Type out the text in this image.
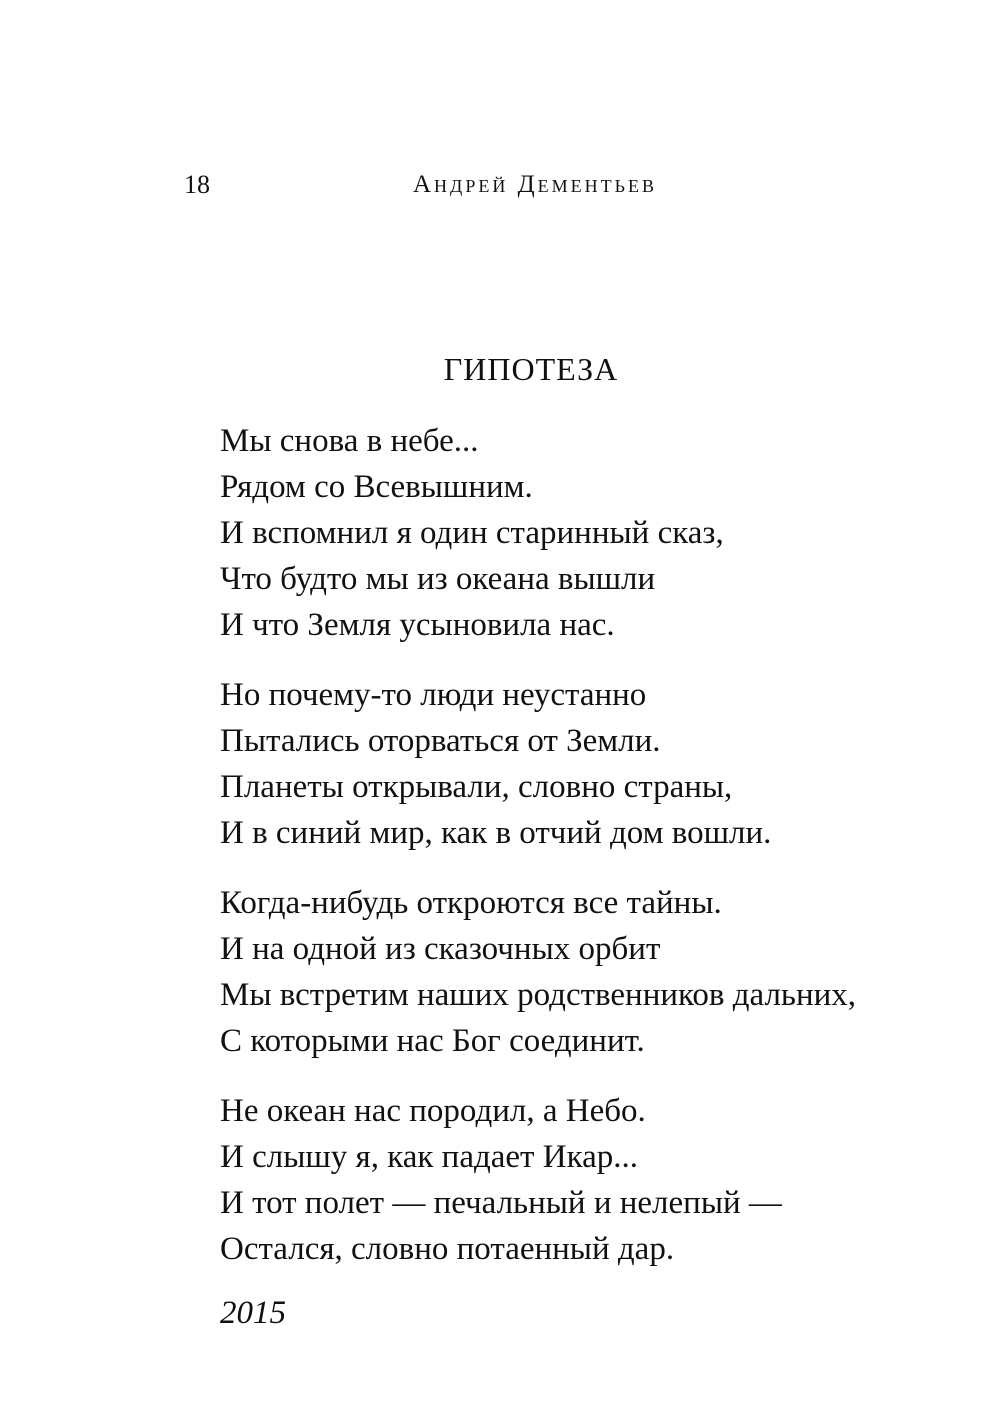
18	Андрей Дементьев
ГИПОТЕЗА
Мы снова в небе...
Рядом со Всевышним.
И вспомнил я один старинный сказ,
Что будто мы из океана вышли
И что Земля усыновила нас.
Но почему-то люди неустанно
Пытались оторваться от Земли.
Планеты открывали, словно страны,
И в синий мир, как в отчий дом вошли.
Когда-нибудь откроются все тайны.
И на одной из сказочных орбит
Мы встретим наших родственников дальних,
С которыми нас Бог соединит.
Не океан нас породил, а Небо.
И слышу я, как падает Икар...
И тот полет — печальный и нелепый —
Остался, словно потаенный дар.
2015
